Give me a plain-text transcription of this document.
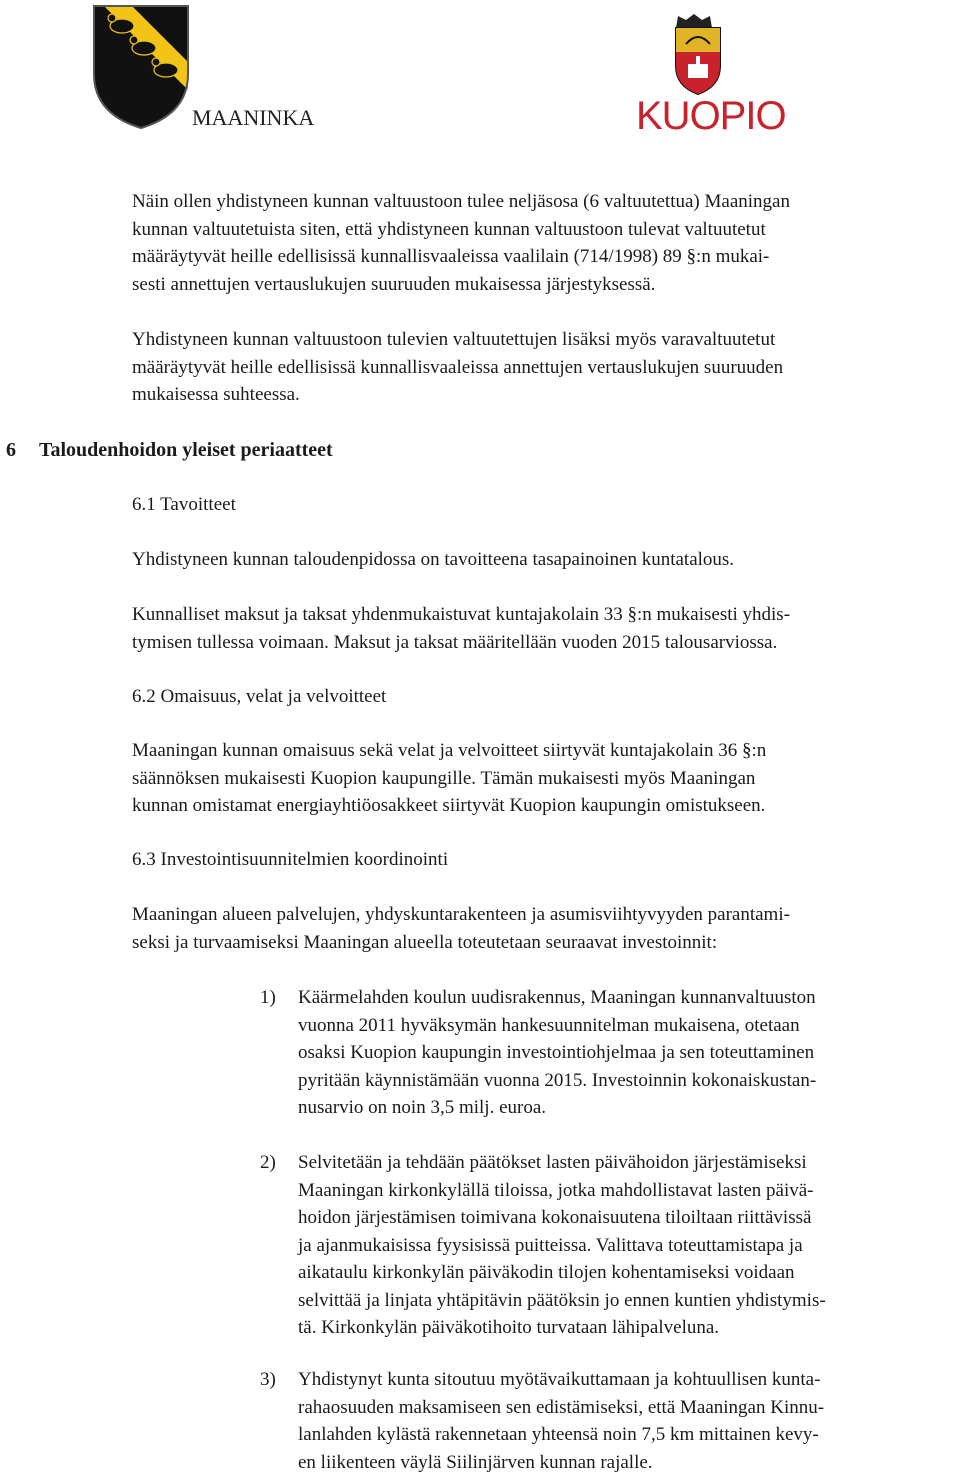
MAANINKA	KUOPIO
Näin ollen yhdistyneen kunnan valtuustoon tulee neljäsosa (6 valtuutettua) Maaningan
kunnan valtuutetuista siten, että yhdistyneen kunnan valtuustoon tulevat valtuutetut
määräytyvät heille edellisissä kunnallisvaaleissa vaalilain (714/1998) 89 §:n mukai-
sesti annettujen vertauslukujen suuruuden mukaisessa järjestyksessä.
Yhdistyneen kunnan valtuustoon tulevien valtuutettujen lisäksi myös varavaltuutetut
määräytyvät heille edellisissä kunnallisvaaleissa annettujen vertauslukujen suuruuden
mukaisessa suhteessa.
6 Taloudenhoidon yleiset periaatteet
6.1 Tavoitteet
Yhdistyneen kunnan taloudenpidossa on tavoitteena tasapainoinen kuntatalous.
Kunnalliset maksut ja taksat yhdenmukaistuvat kuntajakolain 33 §:n mukaisesti yhdis-
tymisen tullessa voimaan. Maksut ja taksat määritellään vuoden 2015 talousarviossa.
6.2 Omaisuus, velat ja velvoitteet
Maaningan kunnan omaisuus sekä velat ja velvoitteet siirtyvät kuntajakolain 36 §:n
säännöksen mukaisesti Kuopion kaupungille. Tämän mukaisesti myös Maaningan
kunnan omistamat energiayhtiöosakkeet siirtyvät Kuopion kaupungin omistukseen.
6.3 Investointisuunnitelmien koordinointi
Maaningan alueen palvelujen, yhdyskuntarakenteen ja asumisviihtyvyyden parantami-
seksi ja turvaamiseksi Maaningan alueella toteutetaan seuraavat investoinnit:
1) Käärmelahden koulun uudisrakennus, Maaningan kunnanvaltuuston
vuonna 2011 hyväksymän hankesuunnitelman mukaisena, otetaan
osaksi Kuopion kaupungin investointiohjelmaa ja sen toteuttaminen
pyritään käynnistämään vuonna 2015. Investoinnin kokonaiskustan-
nusarvio on noin 3,5 milj. euroa.
2) Selvitetään ja tehdään päätökset lasten päivähoidon järjestämiseksi
Maaningan kirkonkylällä tiloissa, jotka mahdollistavat lasten päivä-
hoidon järjestämisen toimivana kokonaisuutena tiloiltaan riittävissä
ja ajanmukaisissa fyysisissä puitteissa. Valittava toteuttamistapa ja
aikataulu kirkonkylän päiväkodin tilojen kohentamiseksi voidaan
selvittää ja linjata yhtäpitävin päätöksin jo ennen kuntien yhdistymis-
tä. Kirkonkylän päiväkotihoito turvataan lähipalveluna.
3) Yhdistynyt kunta sitoutuu myötävaikuttamaan ja kohtuullisen kunta-
rahaosuuden maksamiseen sen edistämiseksi, että Maaningan Kinnu-
lanlahden kylästä rakennetaan yhteensä noin 7,5 km mittainen kevy-
en liikenteen väylä Siilinjärven kunnan rajalle.
